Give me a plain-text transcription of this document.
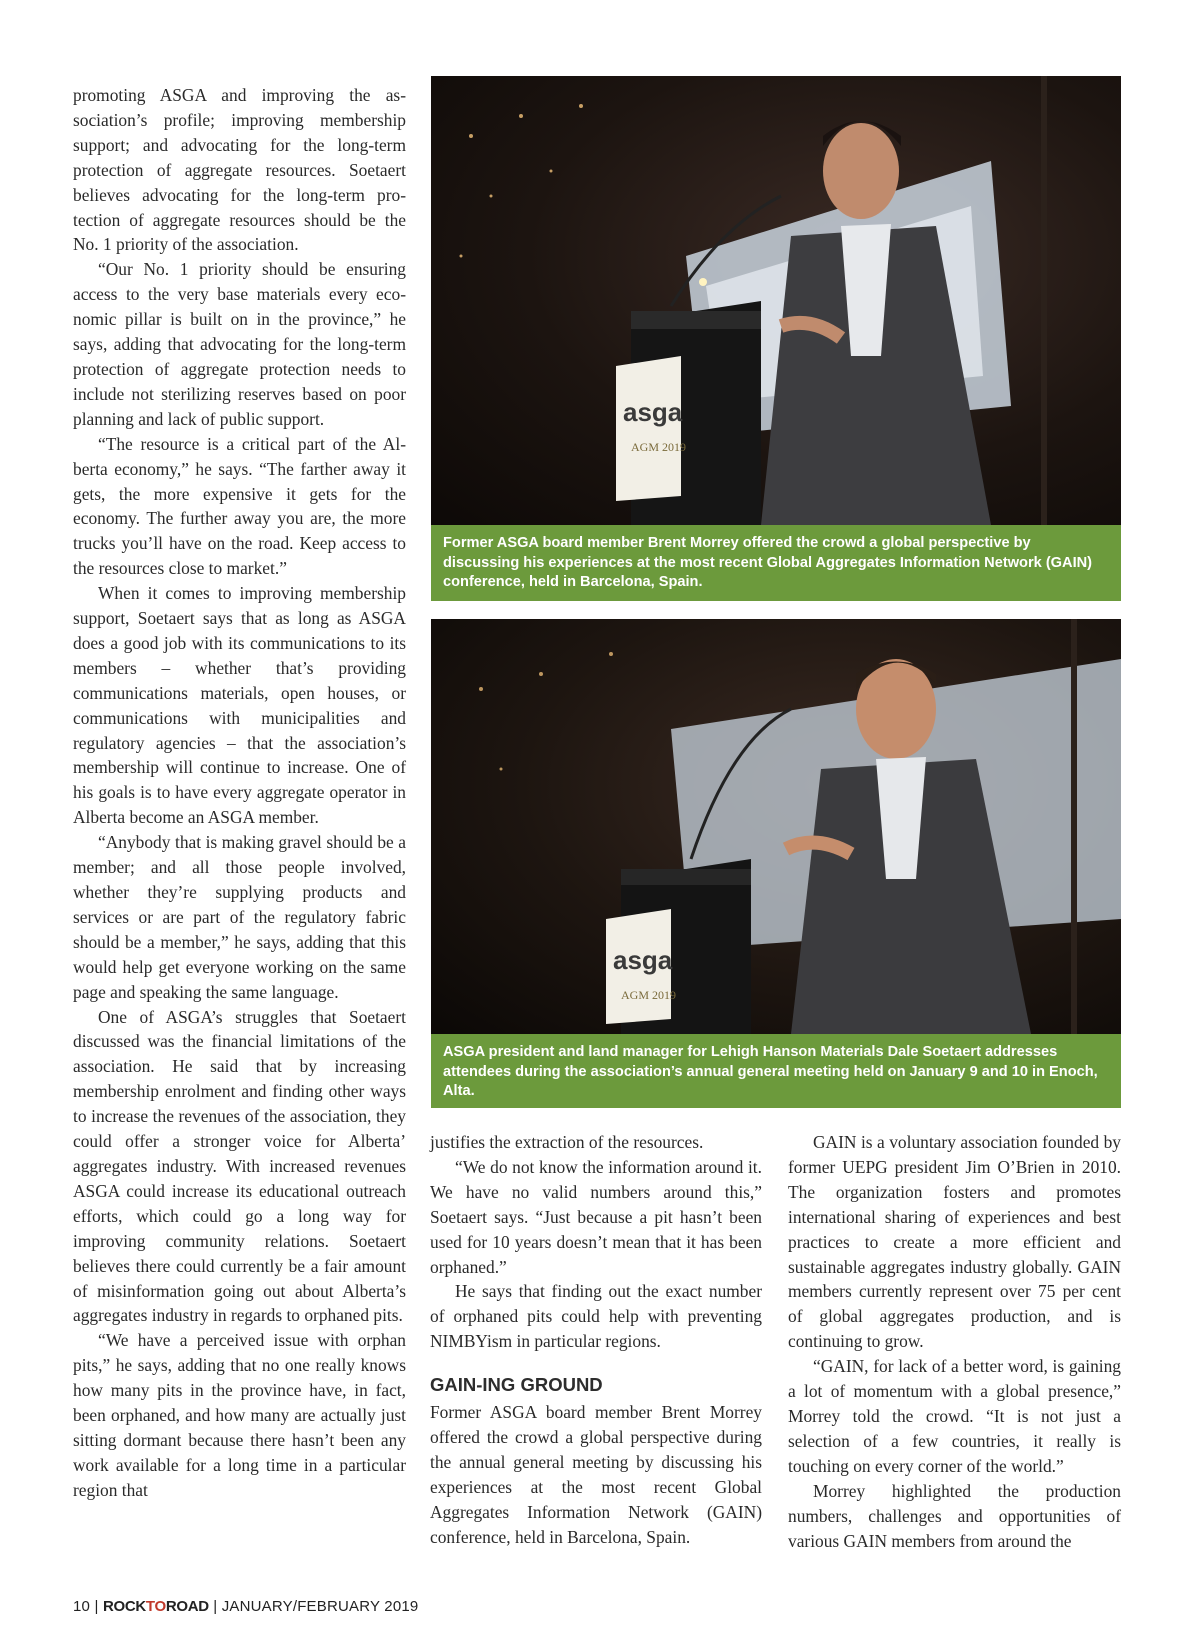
promoting ASGA and improving the association’s profile; improving membership support; and advocating for the long-term protection of aggregate resources. Soetaert believes advocating for the long-term protection of aggregate resources should be the No. 1 priority of the association.

“Our No. 1 priority should be ensuring access to the very base materials every economic pillar is built on in the province,” he says, adding that advocating for the long-term protection of aggregate protection needs to include not sterilizing reserves based on poor planning and lack of public support.

“The resource is a critical part of the Alberta economy,” he says. “The farther away it gets, the more expensive it gets for the economy. The further away you are, the more trucks you’ll have on the road. Keep access to the resources close to market.”

When it comes to improving membership support, Soetaert says that as long as ASGA does a good job with its communications to its members – whether that’s providing communications materials, open houses, or communications with municipalities and regulatory agencies – that the association’s membership will continue to increase. One of his goals is to have every aggregate operator in Alberta become an ASGA member.

“Anybody that is making gravel should be a member; and all those people involved, whether they’re supplying products and services or are part of the regulatory fabric should be a member,” he says, adding that this would help get everyone working on the same page and speaking the same language.

One of ASGA’s struggles that Soetaert discussed was the financial limitations of the association. He said that by increasing membership enrolment and finding other ways to increase the revenues of the association, they could offer a stronger voice for Alberta’ aggregates industry. With increased revenues ASGA could increase its educational outreach efforts, which could go a long way for improving community relations. Soetaert believes there could currently be a fair amount of misinformation going out about Alberta’s aggregates industry in regards to orphaned pits.

“We have a perceived issue with orphan pits,” he says, adding that no one really knows how many pits in the province have, in fact, been orphaned, and how many are actually just sitting dormant because there hasn’t been any work available for a long time in a particular region that

asga
AGM 2019
Former ASGA board member Brent Morrey offered the crowd a global perspective by discussing his experiences at the most recent Global Aggregates Information Network (GAIN) conference, held in Barcelona, Spain.
asga
AGM 2019
ASGA president and land manager for Lehigh Hanson Materials Dale Soetaert addresses attendees during the association’s annual general meeting held on January 9 and 10 in Enoch, Alta.

justifies the extraction of the resources.

“We do not know the information around it. We have no valid numbers around this,” Soetaert says. “Just because a pit hasn’t been used for 10 years doesn’t mean that it has been orphaned.”

He says that finding out the exact number of orphaned pits could help with preventing NIMBYism in particular regions.

GAIN-ING GROUND

Former ASGA board member Brent Morrey offered the crowd a global perspective during the annual general meeting by discussing his experiences at the most recent Global Aggregates Information Network (GAIN) conference, held in Barcelona, Spain.

GAIN is a voluntary association founded by former UEPG president Jim O’Brien in 2010. The organization fosters and promotes international sharing of experiences and best practices to create a more efficient and sustainable aggregates industry globally. GAIN members currently represent over 75 per cent of global aggregates production, and is continuing to grow.

“GAIN, for lack of a better word, is gaining a lot of momentum with a global presence,” Morrey told the crowd. “It is not just a selection of a few countries, it really is touching on every corner of the world.”

Morrey highlighted the production numbers, challenges and opportunities of various GAIN members from around the

10 | ROCKTOROAD | JANUARY/FEBRUARY 2019
